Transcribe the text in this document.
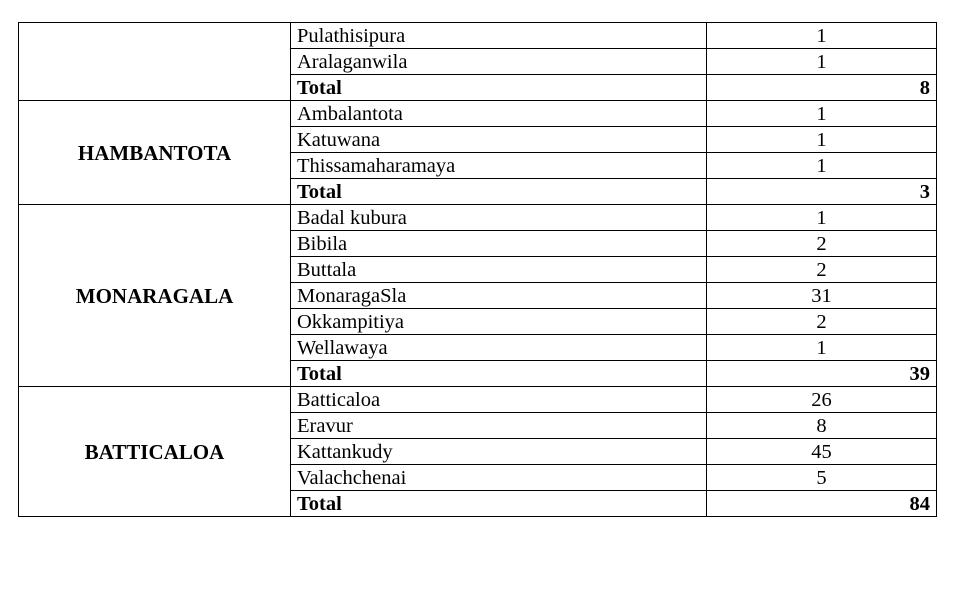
	Pulathisipura	1
	Aralaganwila	1
	Total	8
HAMBANTOTA	Ambalantota	1
	Katuwana	1
	Thissamaharamaya	1
	Total	3
MONARAGALA	Badal kubura	1
	Bibila	2
	Buttala	2
	MonaragaSla	31
	Okkampitiya	2
	Wellawaya	1
	Total	39
BATTICALOA	Batticaloa	26
	Eravur	8
	Kattankudy	45
	Valachchenai	5
	Total	84
